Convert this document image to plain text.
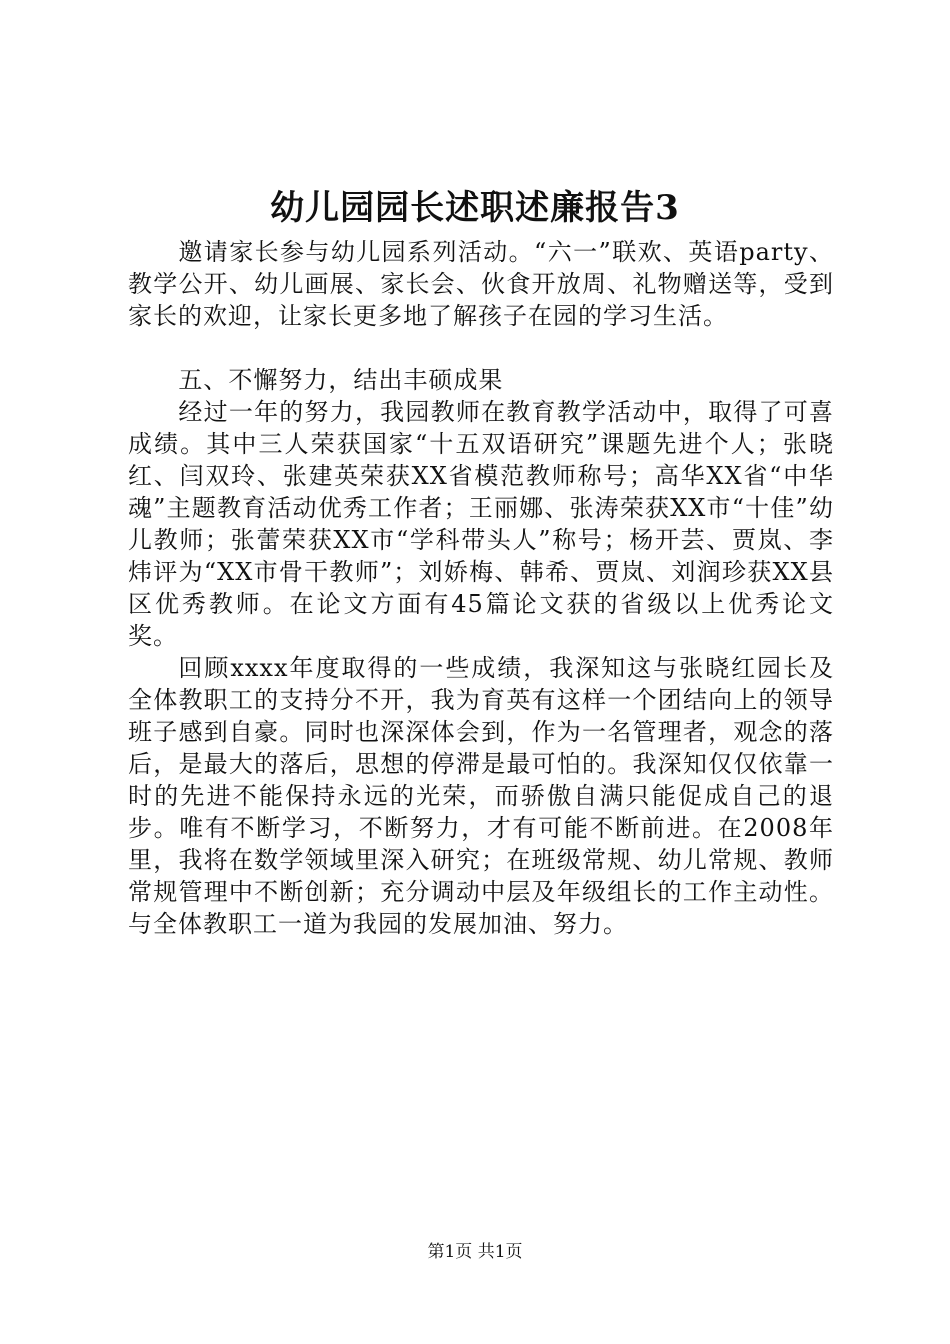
幼儿园园长述职述廉报告3

邀请家长参与幼儿园系列活动。“六一”联欢、英语party、教学公开、幼儿画展、家长会、伙食开放周、礼物赠送等，受到家长的欢迎，让家长更多地了解孩子在园的学习生活。

五、不懈努力，结出丰硕成果

经过一年的努力，我园教师在教育教学活动中，取得了可喜成绩。其中三人荣获国家“十五双语研究”课题先进个人；张晓红、闫双玲、张建英荣获XX省模范教师称号；高华XX省“中华魂”主题教育活动优秀工作者；王丽娜、张涛荣获XX市“十佳”幼儿教师；张蕾荣获XX市“学科带头人”称号；杨开芸、贾岚、李炜评为“XX市骨干教师”；刘娇梅、韩希、贾岚、刘润珍获XX县区优秀教师。在论文方面有45篇论文获的省级以上优秀论文奖。

回顾xxxx年度取得的一些成绩，我深知这与张晓红园长及全体教职工的支持分不开，我为育英有这样一个团结向上的领导班子感到自豪。同时也深深体会到，作为一名管理者，观念的落后，是最大的落后，思想的停滞是最可怕的。我深知仅仅依靠一时的先进不能保持永远的光荣，而骄傲自满只能促成自己的退步。唯有不断学习，不断努力，才有可能不断前进。在2008年里，我将在数学领域里深入研究；在班级常规、幼儿常规、教师常规管理中不断创新；充分调动中层及年级组长的工作主动性。与全体教职工一道为我园的发展加油、努力。

第1页 共1页
